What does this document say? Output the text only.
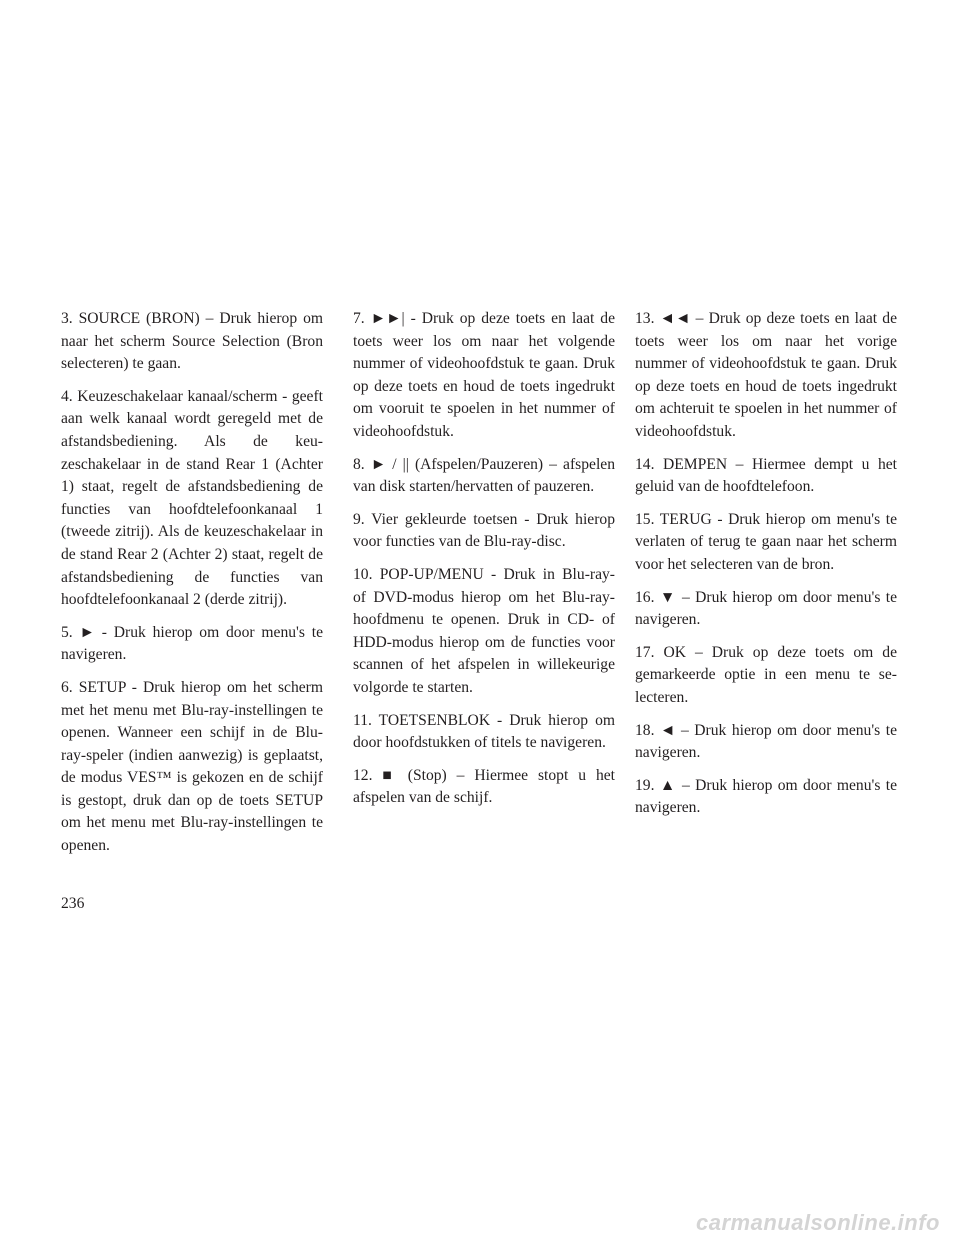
3. SOURCE (BRON) – Druk hierop om naar het scherm Source Selection (Bron selecteren) te gaan.

4. Keuzeschakelaar kanaal/scherm - geeft aan welk kanaal wordt geregeld met de afstandsbediening. Als de keuzeschakelaar in de stand Rear 1 (Achter 1) staat, regelt de afstandsbediening de functies van hoofdtelefoonkanaal 1 (tweede zitrij). Als de keuzeschakelaar in de stand Rear 2 (Achter 2) staat, regelt de afstandsbediening de functies van hoofdtelefoonkanaal 2 (derde zitrij).

5. ► - Druk hierop om door menu's te navigeren.

6. SETUP - Druk hierop om het scherm met het menu met Blu-ray-instellingen te openen. Wanneer een schijf in de Blu-ray-speler (indien aanwezig) is geplaatst, de modus VES™ is gekozen en de schijf is gestopt, druk dan op de toets SETUP om het menu met Blu-ray-instellingen te openen.

7. ►►| - Druk op deze toets en laat de toets weer los om naar het volgende nummer of videohoofdstuk te gaan. Druk op deze toets en houd de toets ingedrukt om vooruit te spoelen in het nummer of videohoofdstuk.

8. ► / || (Afspelen/Pauzeren) – afspelen van disk starten/hervatten of pauzeren.

9. Vier gekleurde toetsen - Druk hierop voor functies van de Blu-ray-disc.

10. POP-UP/MENU - Druk in Blu-ray- of DVD-modus hierop om het Blu-ray-hoofdmenu te openen. Druk in CD- of HDD-modus hierop om de functies voor scannen of het afspelen in willekeurige volgorde te starten.

11. TOETSENBLOK - Druk hierop om door hoofdstukken of titels te navigeren.

12. ■ (Stop) – Hiermee stopt u het afspelen van de schijf.

13. ◄◄ – Druk op deze toets en laat de toets weer los om naar het vorige nummer of videohoofdstuk te gaan. Druk op deze toets en houd de toets ingedrukt om achteruit te spoelen in het nummer of videohoofdstuk.

14. DEMPEN – Hiermee dempt u het geluid van de hoofdtelefoon.

15. TERUG - Druk hierop om menu's te verlaten of terug te gaan naar het scherm voor het selecteren van de bron.

16. ▼ – Druk hierop om door menu's te navigeren.

17. OK – Druk op deze toets om de gemarkeerde optie in een menu te selecteren.

18. ◄ – Druk hierop om door menu's te navigeren.

19. ▲ – Druk hierop om door menu's te navigeren.

236
carmanualsonline.info
